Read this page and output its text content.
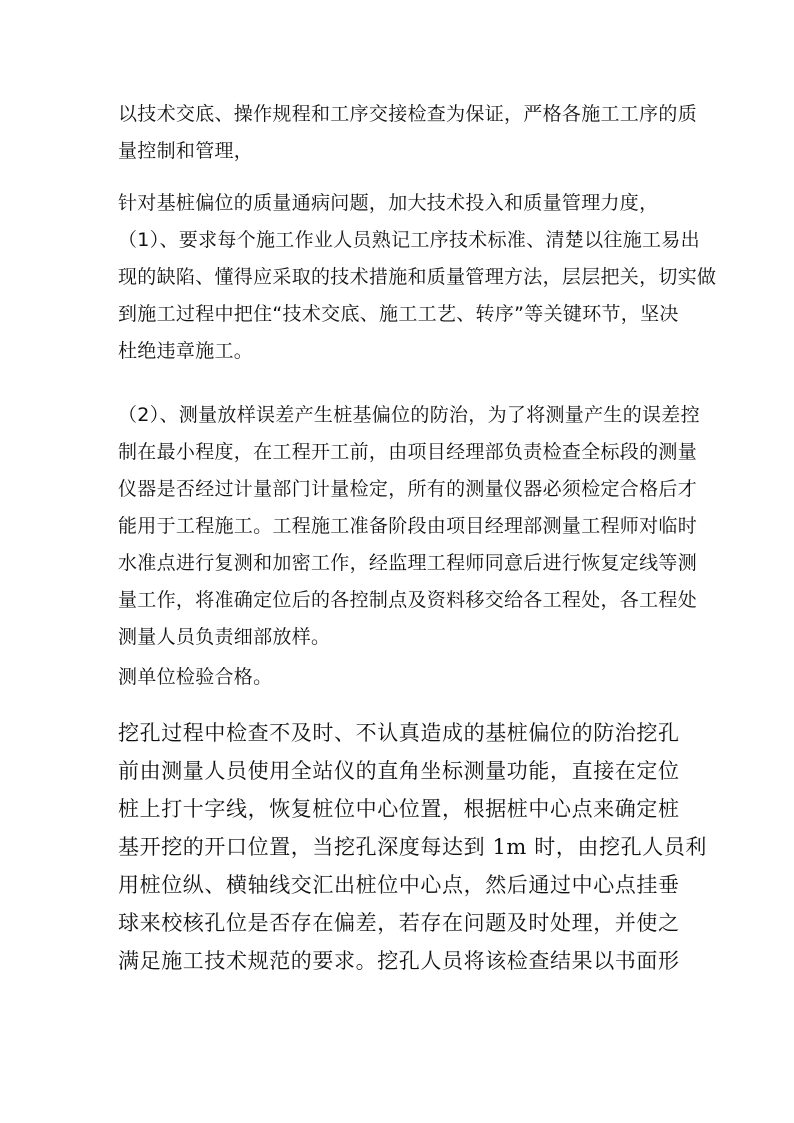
以技术交底、操作规程和工序交接检查为保证，严格各施工工序的质
量控制和管理，
针对基桩偏位的质量通病问题，加大技术投入和质量管理力度，
（1）、要求每个施工作业人员熟记工序技术标准、清楚以往施工易出
现的缺陷、懂得应采取的技术措施和质量管理方法，层层把关，切实做
到施工过程中把住“技术交底、施工工艺、转序”等关键环节，坚决
杜绝违章施工。
（2）、测量放样误差产生桩基偏位的防治，为了将测量产生的误差控
制在最小程度，在工程开工前，由项目经理部负责检查全标段的测量
仪器是否经过计量部门计量检定，所有的测量仪器必须检定合格后才
能用于工程施工。工程施工准备阶段由项目经理部测量工程师对临时
水准点进行复测和加密工作，经监理工程师同意后进行恢复定线等测
量工作，将准确定位后的各控制点及资料移交给各工程处，各工程处
测量人员负责细部放样。
测单位检验合格。
挖孔过程中检查不及时、不认真造成的基桩偏位的防治挖孔
前由测量人员使用全站仪的直角坐标测量功能，直接在定位
桩上打十字线，恢复桩位中心位置，根据桩中心点来确定桩
基开挖的开口位置，当挖孔深度每达到 1m 时，由挖孔人员利
用桩位纵、横轴线交汇出桩位中心点，然后通过中心点挂垂
球来校核孔位是否存在偏差，若存在问题及时处理，并使之
满足施工技术规范的要求。挖孔人员将该检查结果以书面形
